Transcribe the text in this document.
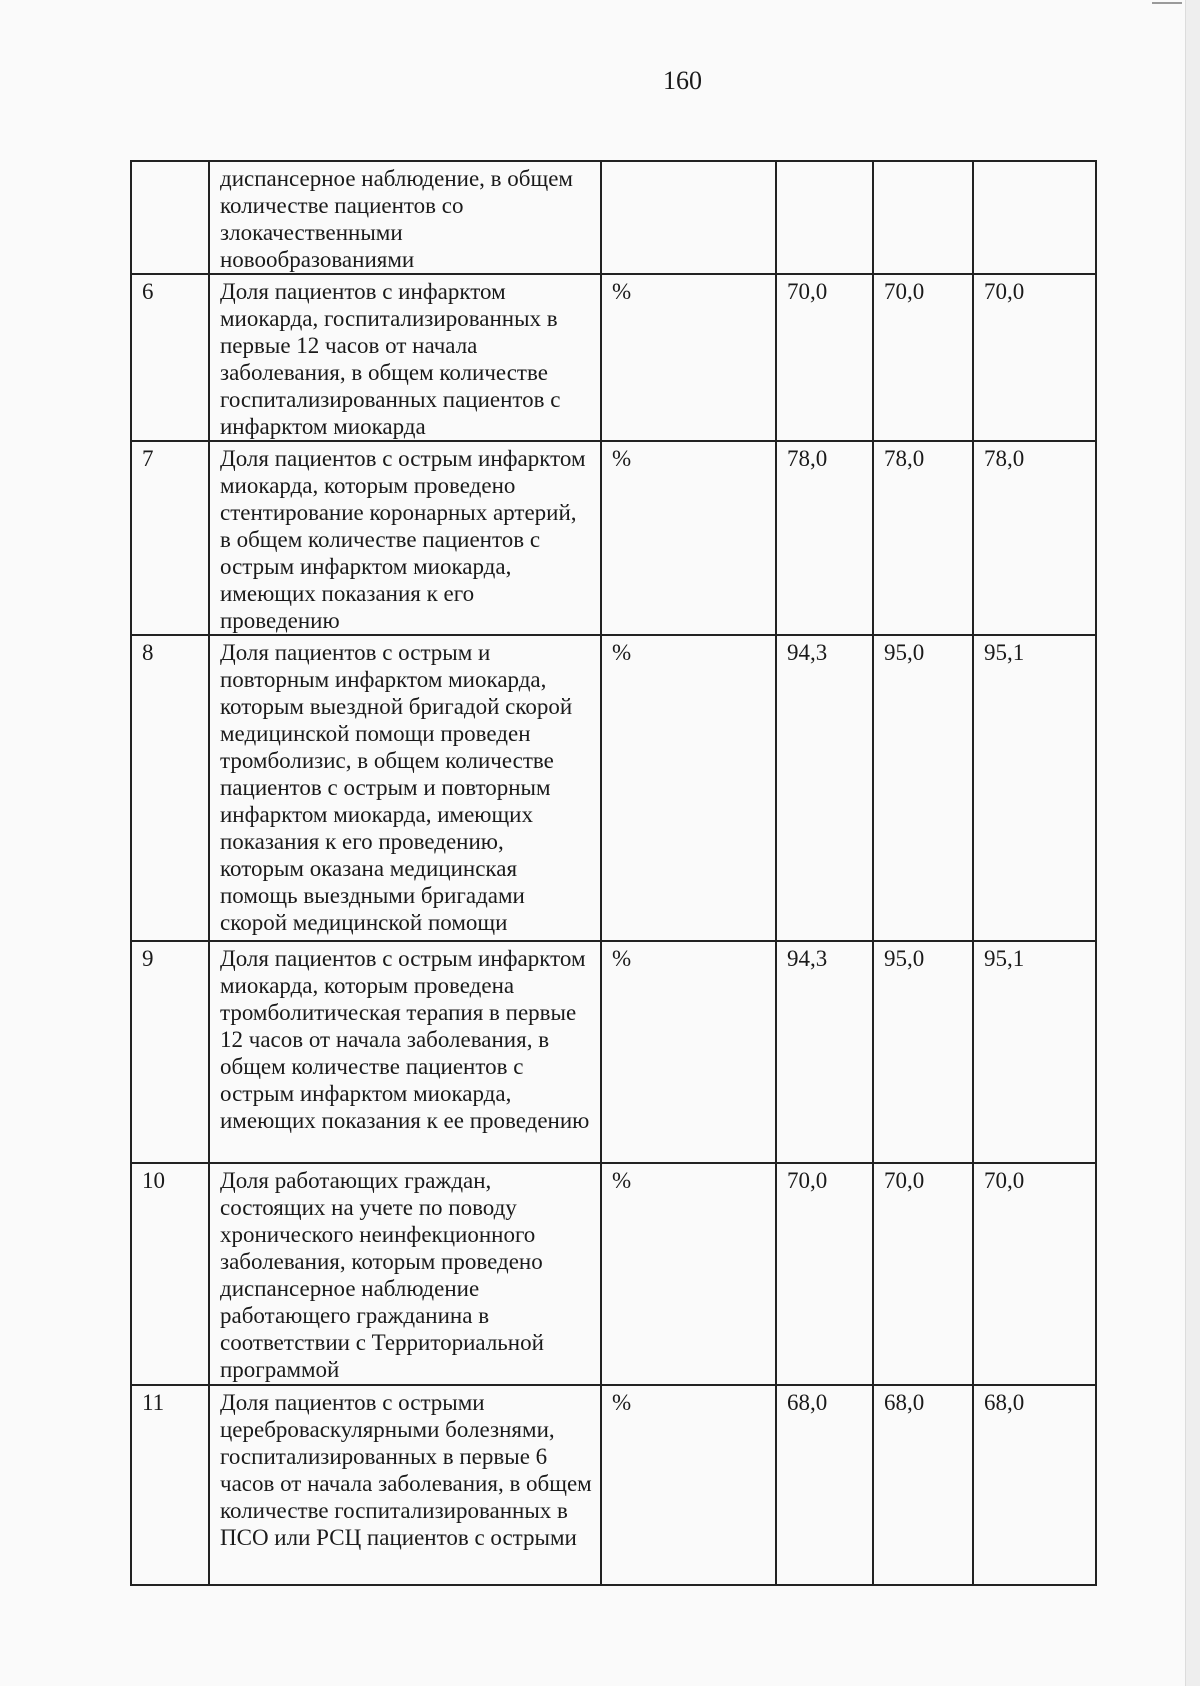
160
	диспансерное наблюдение, в общем количестве пациентов со злокачественными новообразованиями				
6	Доля пациентов с инфарктом миокарда, госпитализированных в первые 12 часов от начала заболевания, в общем количестве госпитализированных пациентов с инфарктом миокарда	%	70,0	70,0	70,0
7	Доля пациентов с острым инфарктом миокарда, которым проведено стентирование коронарных артерий, в общем количестве пациентов с острым инфарктом миокарда, имеющих показания к его проведению	%	78,0	78,0	78,0
8	Доля пациентов с острым и повторным инфарктом миокарда, которым выездной бригадой скорой медицинской помощи проведен тромболизис, в общем количестве пациентов с острым и повторным инфарктом миокарда, имеющих показания к его проведению, которым оказана медицинская помощь выездными бригадами скорой медицинской помощи	%	94,3	95,0	95,1
9	Доля пациентов с острым инфарктом миокарда, которым проведена тромболитическая терапия в первые 12 часов от начала заболевания, в общем количестве пациентов с острым инфарктом миокарда, имеющих показания к ее проведению	%	94,3	95,0	95,1
10	Доля работающих граждан, состоящих на учете по поводу хронического неинфекционного заболевания, которым проведено диспансерное наблюдение работающего гражданина в соответствии с Территориальной программой	%	70,0	70,0	70,0
11	Доля пациентов с острыми цереброваскулярными болезнями, госпитализированных в первые 6 часов от начала заболевания, в общем количестве госпитализированных в ПСО или РСЦ пациентов с острыми	%	68,0	68,0	68,0
